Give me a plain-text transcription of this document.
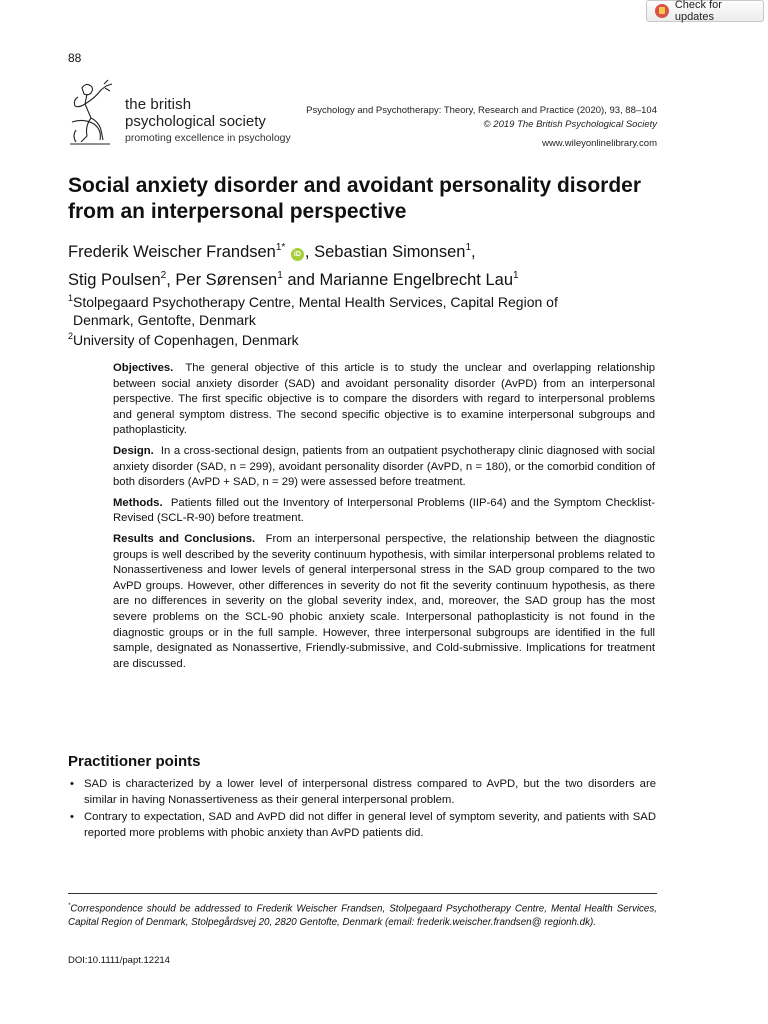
Check for updates
88
the british
psychological society
promoting excellence in psychology
Psychology and Psychotherapy: Theory, Research and Practice (2020), 93, 88–104
© 2019 The British Psychological Society
www.wileyonlinelibrary.com
Social anxiety disorder and avoidant personality disorder from an interpersonal perspective
Frederik Weischer Frandsen$^{1*}$ iD , Sebastian Simonsen$^1$,
Stig Poulsen$^2$, Per Sørensen$^1$ and Marianne Engelbrecht Lau$^1$
$^1$Stolpegaard Psychotherapy Centre, Mental Health Services, Capital Region of
Denmark, Gentofte, Denmark
$^2$University of Copenhagen, Denmark

Objectives. The general objective of this article is to study the unclear and overlapping relationship between social anxiety disorder (SAD) and avoidant personality disorder (AvPD) from an interpersonal perspective. The first specific objective is to compare the disorders with regard to interpersonal problems and general symptom distress. The second specific objective is to examine interpersonal subgroups and pathoplasticity.

Design. In a cross-sectional design, patients from an outpatient psychotherapy clinic diagnosed with social anxiety disorder (SAD, n = 299), avoidant personality disorder (AvPD, n = 180), or the comorbid condition of both disorders (AvPD + SAD, n = 29) were assessed before treatment.

Methods. Patients filled out the Inventory of Interpersonal Problems (IIP-64) and the Symptom Checklist-Revised (SCL-R-90) before treatment.

Results and Conclusions. From an interpersonal perspective, the relationship between the diagnostic groups is well described by the severity continuum hypothesis, with similar interpersonal problems related to Nonassertiveness and lower levels of general interpersonal stress in the SAD group compared to the two AvPD groups. However, other differences in severity do not fit the severity continuum hypothesis, as there are no differences in severity on the global severity index, and, moreover, the SAD group has the most severe problems on the SCL-90 phobic anxiety scale. Interpersonal pathoplasticity is not found in the diagnostic groups or in the full sample. However, three interpersonal subgroups are identified in the full sample, designated as Nonassertive, Friendly-submissive, and Cold-submissive. Implications for treatment are discussed.

Practitioner points
• SAD is characterized by a lower level of interpersonal distress compared to AvPD, but the two disorders are similar in having Nonassertiveness as their general interpersonal problem.
• Contrary to expectation, SAD and AvPD did not differ in general level of symptom severity, and patients with SAD reported more problems with phobic anxiety than AvPD patients did.
*Correspondence should be addressed to Frederik Weischer Frandsen, Stolpegaard Psychotherapy Centre, Mental Health Services, Capital Region of Denmark, Stolpegårdsvej 20, 2820 Gentofte, Denmark (email: frederik.weischer.frandsen@ regionh.dk).
DOI:10.1111/papt.12214
